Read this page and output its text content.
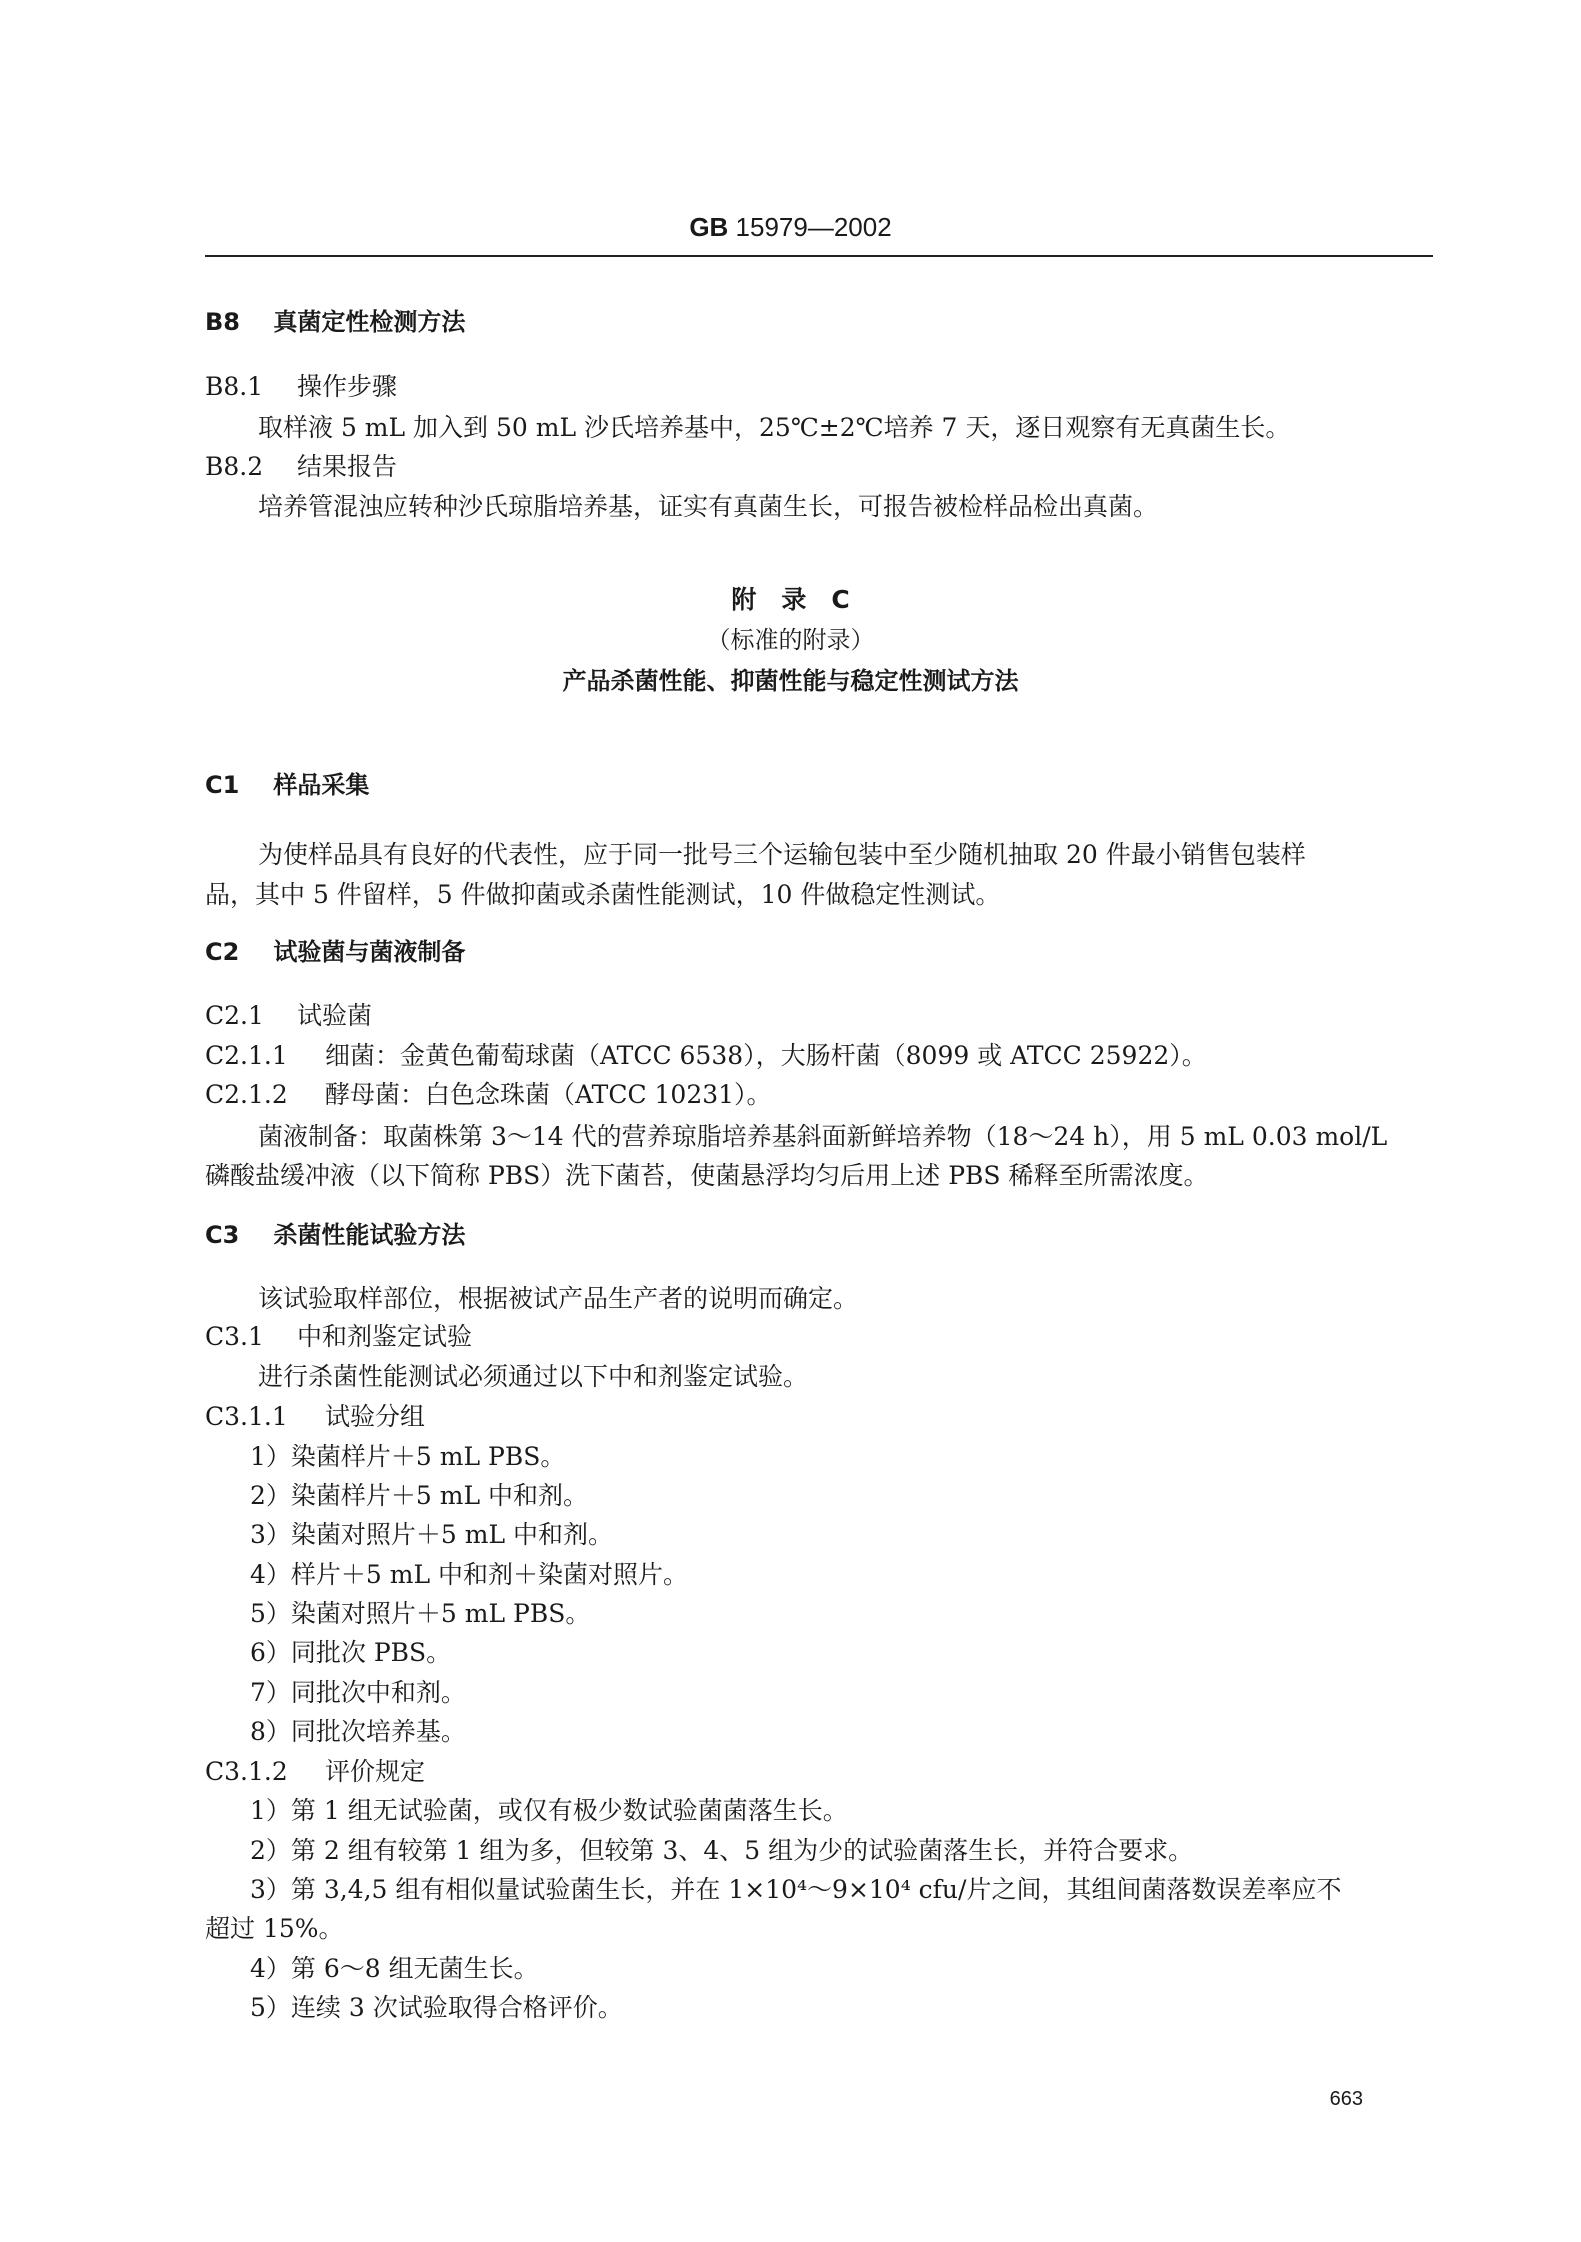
GB 15979—2002
B8 真菌定性检测方法
B8.1 操作步骤
取样液 5 mL 加入到 50 mL 沙氏培养基中，25℃±2℃培养 7 天，逐日观察有无真菌生长。
B8.2 结果报告
培养管混浊应转种沙氏琼脂培养基，证实有真菌生长，可报告被检样品检出真菌。
附　录　C
（标准的附录）
产品杀菌性能、抑菌性能与稳定性测试方法
C1 样品采集
为使样品具有良好的代表性，应于同一批号三个运输包装中至少随机抽取 20 件最小销售包装样
品，其中 5 件留样，5 件做抑菌或杀菌性能测试，10 件做稳定性测试。
C2 试验菌与菌液制备
C2.1 试验菌
C2.1.1 细菌：金黄色葡萄球菌（ATCC 6538），大肠杆菌（8099 或 ATCC 25922）。
C2.1.2 酵母菌：白色念珠菌（ATCC 10231）。
菌液制备：取菌株第 3～14 代的营养琼脂培养基斜面新鲜培养物（18～24 h），用 5 mL 0.03 mol/L
磷酸盐缓冲液（以下简称 PBS）洗下菌苔，使菌悬浮均匀后用上述 PBS 稀释至所需浓度。
C3 杀菌性能试验方法
该试验取样部位，根据被试产品生产者的说明而确定。
C3.1 中和剂鉴定试验
进行杀菌性能测试必须通过以下中和剂鉴定试验。
C3.1.1 试验分组
1）染菌样片＋5 mL PBS。
2）染菌样片＋5 mL 中和剂。
3）染菌对照片＋5 mL 中和剂。
4）样片＋5 mL 中和剂＋染菌对照片。
5）染菌对照片＋5 mL PBS。
6）同批次 PBS。
7）同批次中和剂。
8）同批次培养基。
C3.1.2 评价规定
1）第 1 组无试验菌，或仅有极少数试验菌菌落生长。
2）第 2 组有较第 1 组为多，但较第 3、4、5 组为少的试验菌落生长，并符合要求。
3）第 3,4,5 组有相似量试验菌生长，并在 1×10⁴～9×10⁴ cfu/片之间，其组间菌落数误差率应不
超过 15%。
4）第 6～8 组无菌生长。
5）连续 3 次试验取得合格评价。
663
